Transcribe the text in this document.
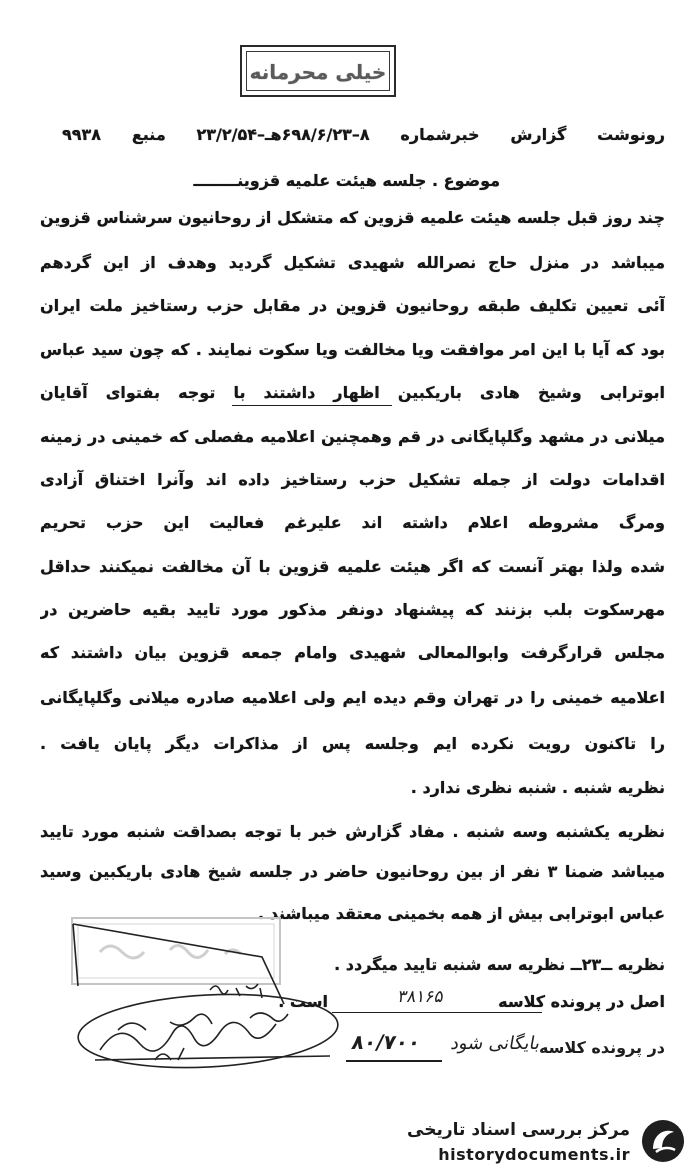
خیلی محرمانه
رونوشت گزارش خبرشماره ۸–۶۹۸/۶/۲۳هـ–۲۳/۲/۵۴ منبع ۹۹۳۸
موضوع . جلسه هیئت علمیه قزوینــــــــ
چند روز قبل جلسه هیئت علمیه قزوین که متشکل از روحانیون سرشناس قزوین
میباشد در منزل حاج نصرالله شهیدی تشکیل گردید وهدف از این گردهم
آئی تعیین تکلیف طبقه روحانیون قزوین در مقابل حزب رستاخیز ملت ایران
بود که آیا با این امر موافقت ویا مخالفت ویا سکوت نمایند . که چون سید عباس
ابوترابی وشیخ هادی باریکبین اظهار داشتند با توجه بفتوای آقایان
میلانی در مشهد وگلپایگانی در قم وهمچنین اعلامیه مفصلی که خمینی در زمینه
اقدامات دولت از جمله تشکیل حزب رستاخیز داده اند وآنرا اختناق آزادی
ومرگ مشروطه اعلام داشته اند علیرغم فعالیت این حزب تحریم
شده ولذا بهتر آنست که اگر هیئت علمیه قزوین با آن مخالفت نمیکنند حداقل
مهرسکوت بلب بزنند که پیشنهاد دونفر مذکور مورد تایید بقیه حاضرین در
مجلس قرارگرفت وابوالمعالی شهیدی وامام جمعه قزوین بیان داشتند که
اعلامیه خمینی را در تهران وقم دیده ایم ولی اعلامیه صادره میلانی وگلپایگانی
را تاکنون رویت نکرده ایم وجلسه پس از مذاکرات دیگر پایان یافت .
نظریه شنبه . شنبه نظری ندارد .
نظریه یکشنبه وسه شنبه . مفاد گزارش خبر با توجه بصداقت شنبه مورد تایید
میباشد ضمنا ۳ نفر از بین روحانیون حاضر در جلسه شیخ هادی باریکبین وسید
عباس ابوترابی بیش از همه بخمینی معتقد میباشند .
نظریه ــ۲۳ــ نظریه سه شنبه تایید میگردد .
اصل در پرونده کلاسه
۳۸۱۶۵
است .
در پرونده کلاسه
بایگانی شود
۸۰/۷۰۰
مرکز بررسی اسناد تاریخی
historydocuments.ir
